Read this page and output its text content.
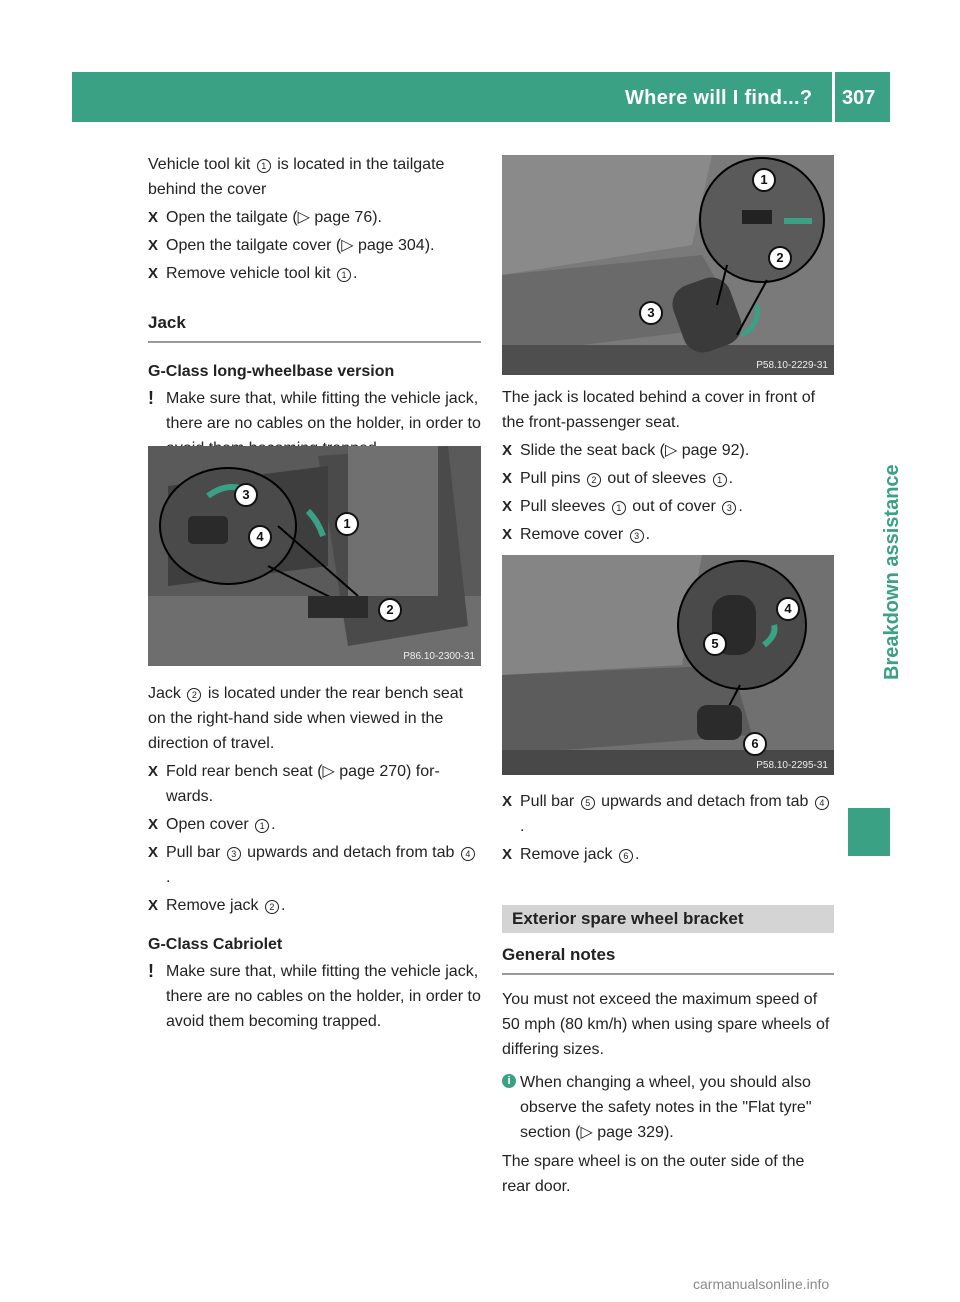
Where will I find...? 307
Breakdown assistance

Vehicle tool kit 1 is located in the tailgate behind the cover

X Open the tailgate (▷ page 76).
X Open the tailgate cover (▷ page 304).
X Remove vehicle tool kit 1 .
Jack

G-Class long-wheelbase version

! Make sure that, while fitting the vehicle jack, there are no cables on the holder, in order to
3
4
1
2
P86.10-2300-31

Jack 2 is located under the rear bench seat on the right-hand side when viewed in the direction of travel.

X Fold rear bench seat (▷ page 270) for-wards.
X Open cover 1 .
X Pull bar 3 upwards and detach from tab 4.
X Remove jack 2 .

G-Class Cabriolet

! Make sure that, while fitting the vehicle jack, there are no cables on the holder, in order to avoid them becoming trapped.
1
2
3
P58.10-2229-31

The jack is located behind a cover in front of the front-passenger seat.

X Slide the seat back (▷ page 92).
X Pull pins 2 out of sleeves 1 .
X Pull sleeves 1 out of cover 3 .
X Remove cover 3 .
4
5
6
P58.10-2295-31
X Pull bar 5 upwards and detach from tab 4.
X Remove jack 6 .
Exterior spare wheel bracket
General notes

You must not exceed the maximum speed of 50 mph (80 km/h) when using spare wheels of differing sizes.

i When changing a wheel, you should also observe the safety notes in the "Flat tyre" section (▷ page 329).

The spare wheel is on the outer side of the rear door.

carmanualsonline.info
